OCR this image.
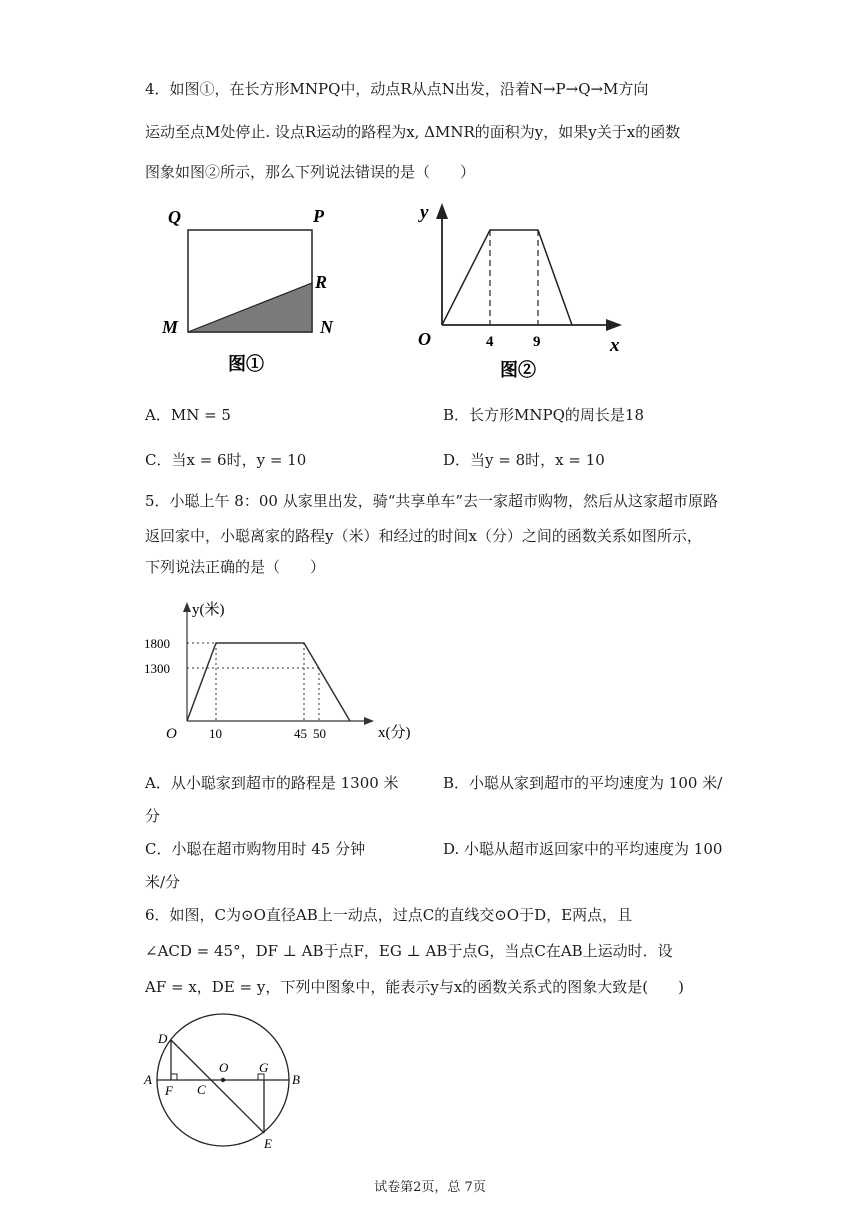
4．如图①，在长方形MNPQ中，动点R从点N出发，沿着N→P→Q→M方向
运动至点M处停止. 设点R运动的路程为x, ΔMNR的面积为y，如果y关于x的函数
图象如图②所示，那么下列说法错误的是（　　）
Q	P
R
M	N
图①
y
x
O	4	9
图②
A．MN = 5	B．长方形MNPQ的周长是18
C．当x = 6时，y = 10	D．当y = 8时，x = 10
5．小聪上午 8：00 从家里出发，骑“共享单车”去一家超市购物，然后从这家超市原路
返回家中，小聪离家的路程y（米）和经过的时间x（分）之间的函数关系如图所示，
下列说法正确的是（　　）
y(米)
x(分)
O
1800
1300
10	45 50
A．从小聪家到超市的路程是 1300 米	B．小聪从家到超市的平均速度为 100 米/
分
C．小聪在超市购物用时 45 分钟	D. 小聪从超市返回家中的平均速度为 100
米/分
6．如图，C为⊙O直径AB上一动点，过点C的直线交⊙O于D，E两点，且
∠ACD = 45°，DF ⊥ AB于点F，EG ⊥ AB于点G，当点C在AB上运动时．设
AF = x，DE = y，下列中图象中，能表示y与x的函数关系式的图象大致是(　　)
D
O G
A
F C
B
E
试卷第2页，总 7页
